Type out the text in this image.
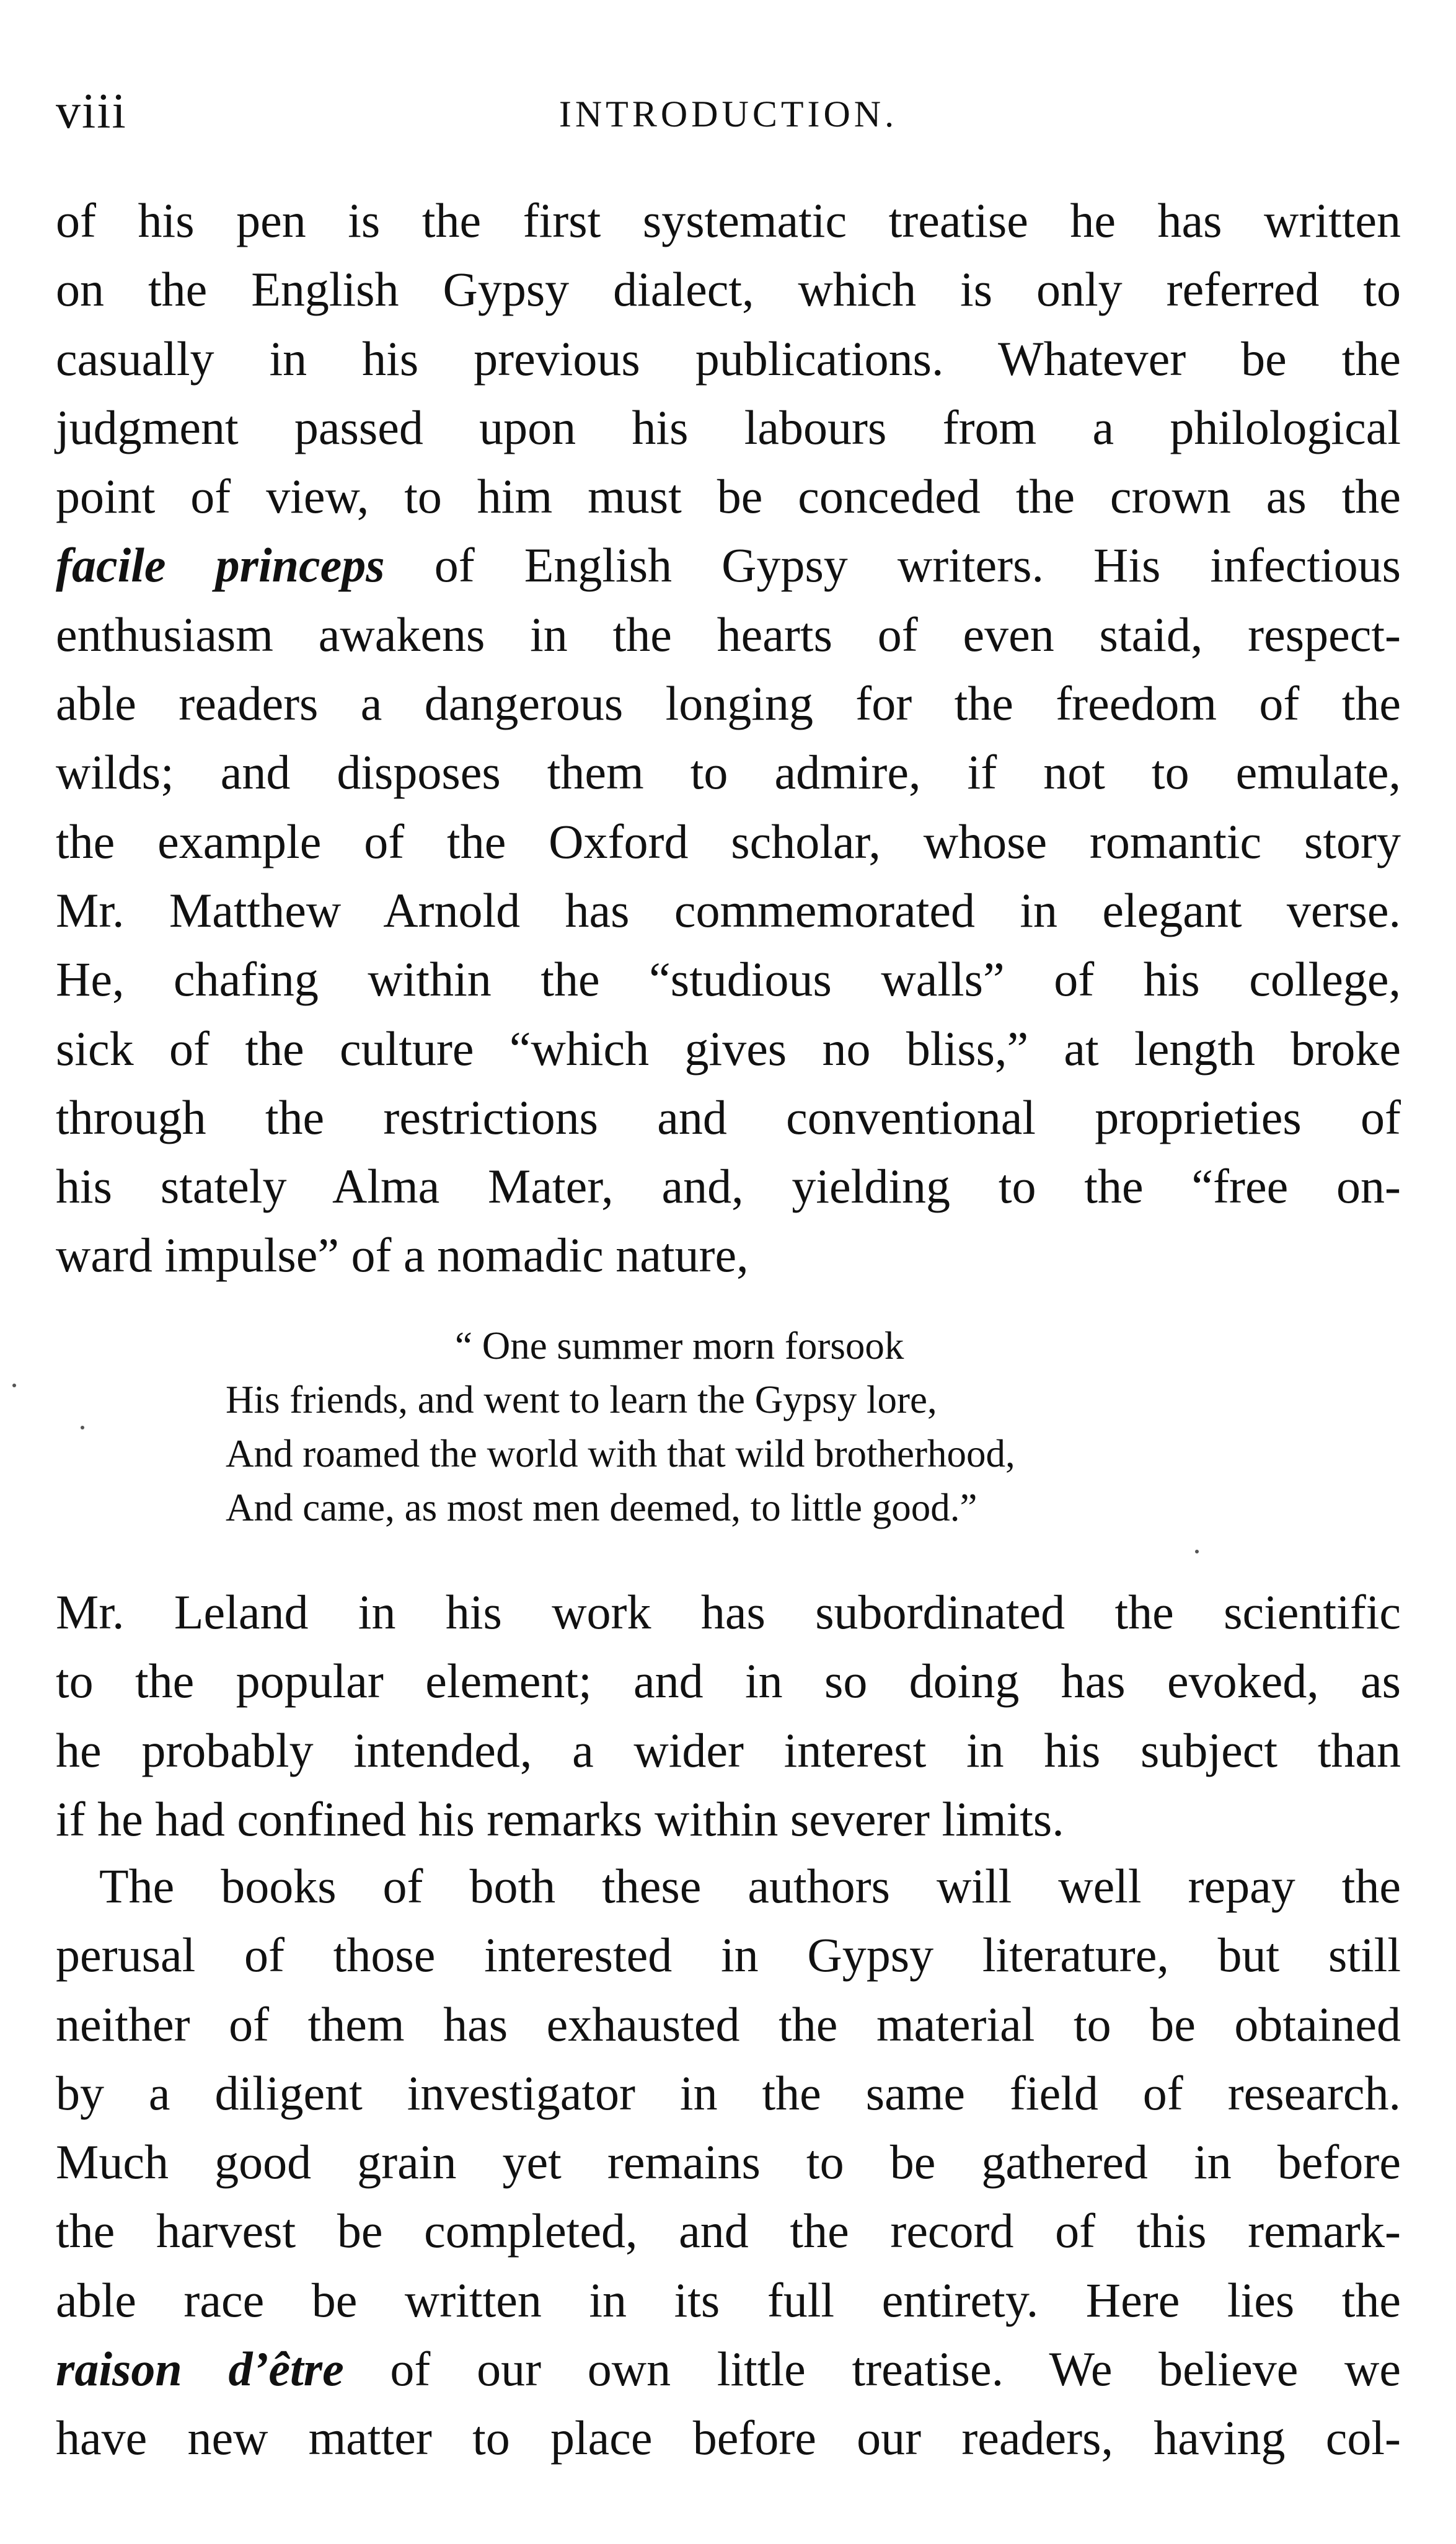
viii	INTRODUCTION.
of his pen is the first systematic treatise he has written
on the English Gypsy dialect, which is only referred to
casually in his previous publications. Whatever be the
judgment passed upon his labours from a philological
point of view, to him must be conceded the crown as the
facile princeps of English Gypsy writers. His infectious
enthusiasm awakens in the hearts of even staid, respect-
able readers a dangerous longing for the freedom of the
wilds; and disposes them to admire, if not to emulate,
the example of the Oxford scholar, whose romantic story
Mr. Matthew Arnold has commemorated in elegant verse.
He, chafing within the “studious walls” of his college,
sick of the culture “which gives no bliss,” at length broke
through the restrictions and conventional proprieties of
his stately Alma Mater, and, yielding to the “free on-
ward impulse” of a nomadic nature,
“ One summer morn forsook
His friends, and went to learn the Gypsy lore,
And roamed the world with that wild brotherhood,
And came, as most men deemed, to little good.”
Mr. Leland in his work has subordinated the scientific
to the popular element; and in so doing has evoked, as
he probably intended, a wider interest in his subject than
if he had confined his remarks within severer limits.
The books of both these authors will well repay the
perusal of those interested in Gypsy literature, but still
neither of them has exhausted the material to be obtained
by a diligent investigator in the same field of research.
Much good grain yet remains to be gathered in before
the harvest be completed, and the record of this remark-
able race be written in its full entirety. Here lies the
raison d’être of our own little treatise. We believe we
have new matter to place before our readers, having col-
